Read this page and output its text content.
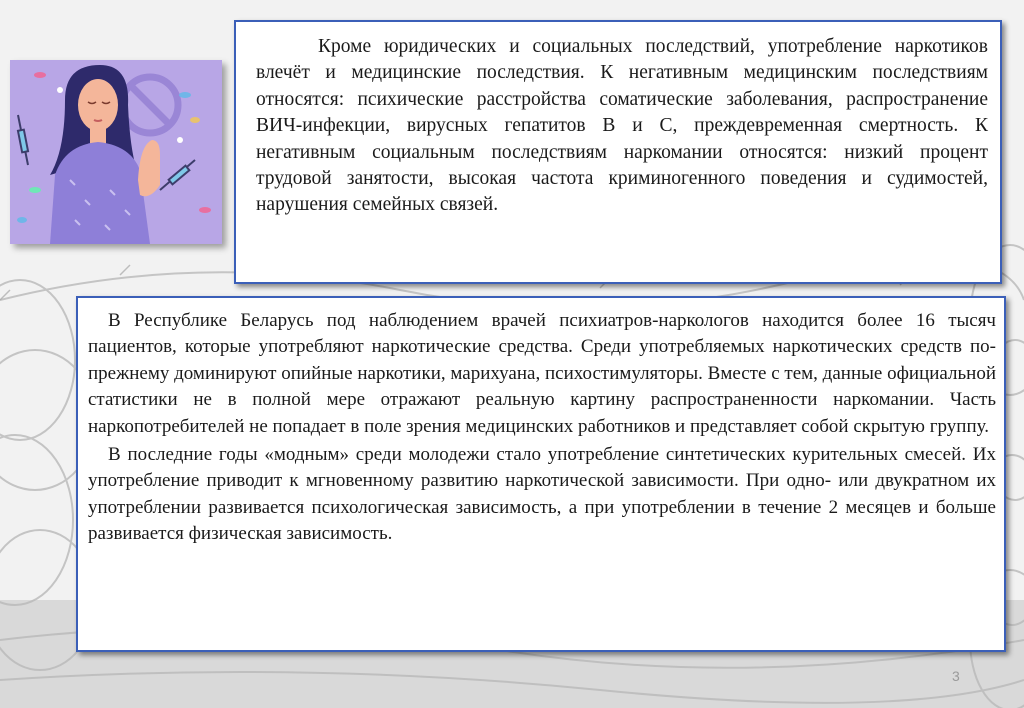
Кроме юридических и социальных последствий, употребление наркотиков влечёт и медицинские последствия. К негативным медицинским последствиям относятся: психические расстройства соматические заболевания, распространение ВИЧ-инфекции, вирусных гепатитов В и С, преждевременная смертность. К негативным социальным последствиям наркомании относятся: низкий процент трудовой занятости, высокая частота криминогенного поведения и судимостей, нарушения семейных связей.

В Республике Беларусь под наблюдением врачей психиатров-наркологов находится более 16 тысяч пациентов, которые употребляют наркотические средства. Среди употребляемых наркотических средств по-прежнему доминируют опийные наркотики, марихуана, психостимуляторы. Вместе с тем, данные официальной статистики не в полной мере отражают реальную картину распространенности наркомании. Часть наркопотребителей не попадает в поле зрения медицинских работников и представляет собой скрытую группу.

В последние годы «модным» среди молодежи стало употребление синтетических курительных смесей. Их употребление приводит к мгновенному развитию наркотической зависимости. При одно- или двукратном их употреблении развивается психологическая зависимость, а при употреблении в течение 2 месяцев и больше развивается физическая зависимость.

3
